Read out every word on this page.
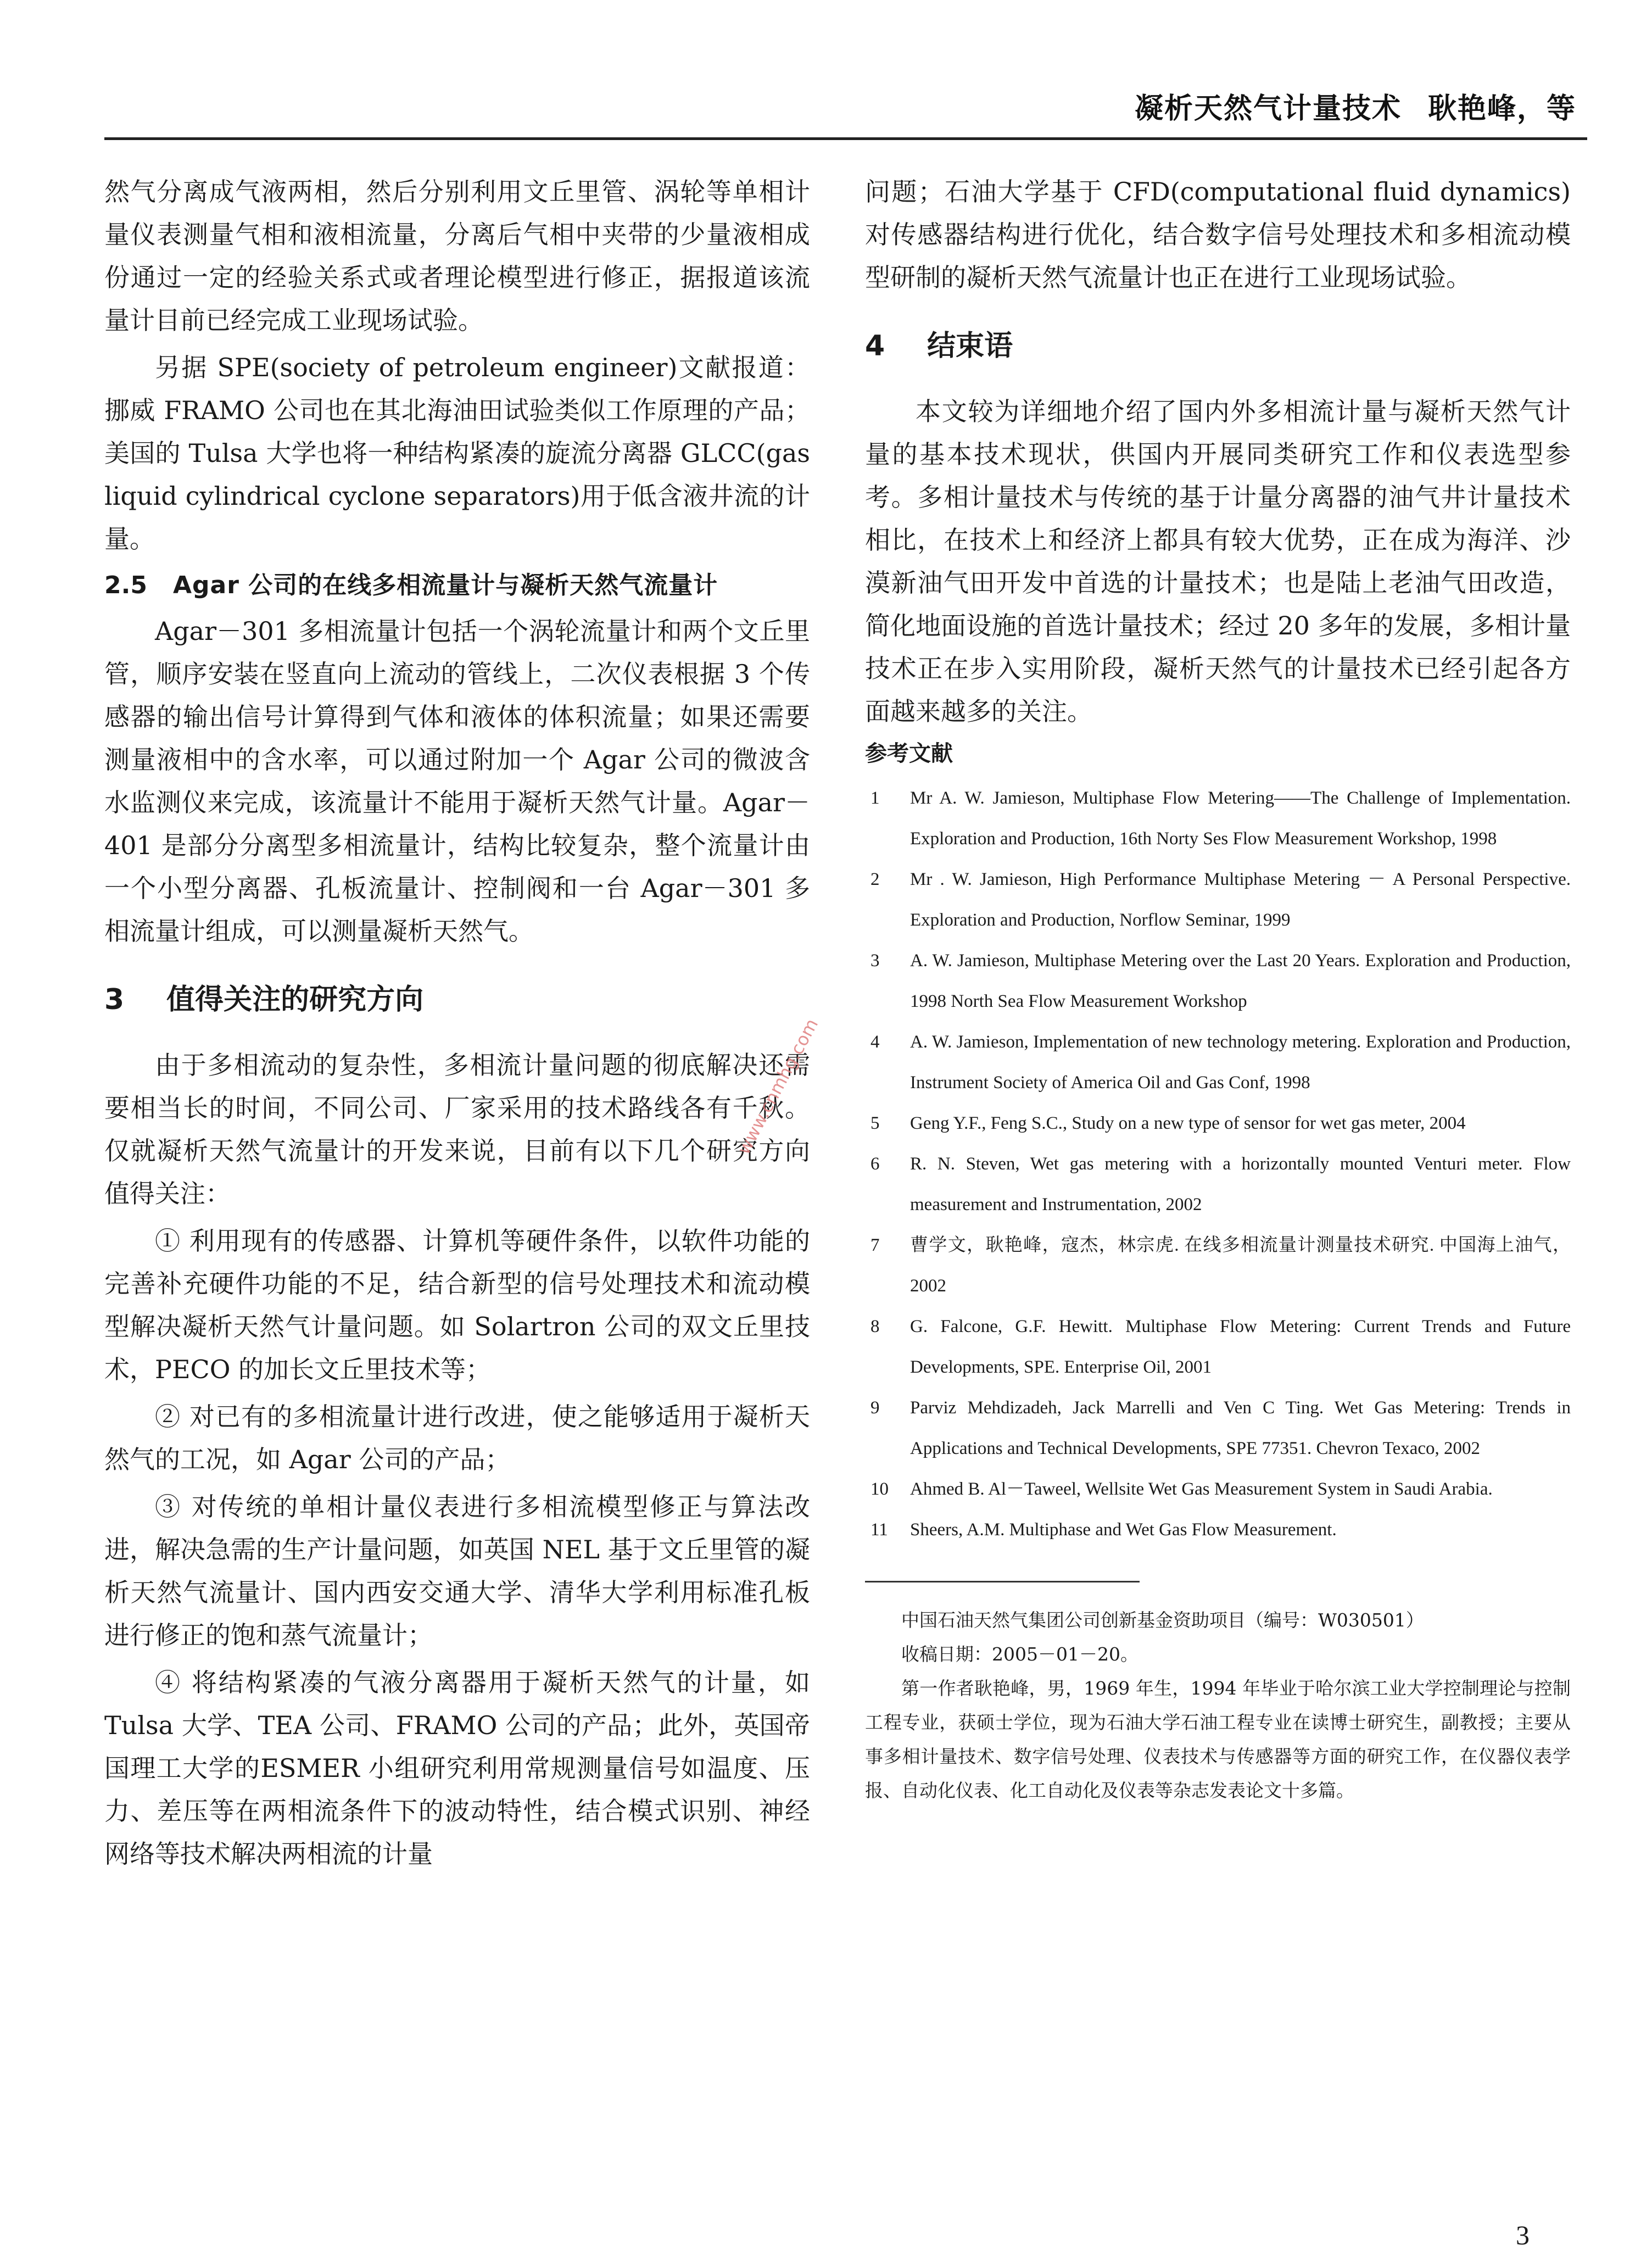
凝析天然气计量技术 耿艳峰，等

然气分离成气液两相，然后分别利用文丘里管、涡轮等单相计量仪表测量气相和液相流量，分离后气相中夹带的少量液相成份通过一定的经验关系式或者理论模型进行修正，据报道该流量计目前已经完成工业现场试验。

另据 SPE(society of petroleum engineer)文献报道：挪威 FRAMO 公司也在其北海油田试验类似工作原理的产品；美国的 Tulsa 大学也将一种结构紧凑的旋流分离器 GLCC(gas liquid cylindrical cyclone separators)用于低含液井流的计量。

2.5	Agar 公司的在线多相流量计与凝析天然气流量计

Agar－301 多相流量计包括一个涡轮流量计和两个文丘里管，顺序安装在竖直向上流动的管线上，二次仪表根据 3 个传感器的输出信号计算得到气体和液体的体积流量；如果还需要测量液相中的含水率，可以通过附加一个 Agar 公司的微波含水监测仪来完成，该流量计不能用于凝析天然气计量。Agar－401 是部分分离型多相流量计，结构比较复杂，整个流量计由一个小型分离器、孔板流量计、控制阀和一台 Agar－301 多相流量计组成，可以测量凝析天然气。

3 值得关注的研究方向

由于多相流动的复杂性，多相流计量问题的彻底解决还需要相当长的时间，不同公司、厂家采用的技术路线各有千秋。仅就凝析天然气流量计的开发来说，目前有以下几个研究方向值得关注：

① 利用现有的传感器、计算机等硬件条件，以软件功能的完善补充硬件功能的不足，结合新型的信号处理技术和流动模型解决凝析天然气计量问题。如 Solartron 公司的双文丘里技术，PECO 的加长文丘里技术等；

② 对已有的多相流量计进行改进，使之能够适用于凝析天然气的工况，如 Agar 公司的产品；

③ 对传统的单相计量仪表进行多相流模型修正与算法改进，解决急需的生产计量问题，如英国 NEL 基于文丘里管的凝析天然气流量计、国内西安交通大学、清华大学利用标准孔板进行修正的饱和蒸气流量计；

④ 将结构紧凑的气液分离器用于凝析天然气的计量，如 Tulsa 大学、TEA 公司、FRAMO 公司的产品；此外，英国帝国理工大学的ESMER 小组研究利用常规测量信号如温度、压力、差压等在两相流条件下的波动特性，结合模式识别、神经网络等技术解决两相流的计量

问题；石油大学基于 CFD(computational fluid dynamics)对传感器结构进行优化，结合数字信号处理技术和多相流动模型研制的凝析天然气流量计也正在进行工业现场试验。

4 结束语

本文较为详细地介绍了国内外多相流计量与凝析天然气计量的基本技术现状，供国内开展同类研究工作和仪表选型参考。多相计量技术与传统的基于计量分离器的油气井计量技术相比，在技术上和经济上都具有较大优势，正在成为海洋、沙漠新油气田开发中首选的计量技术；也是陆上老油气田改造，简化地面设施的首选计量技术；经过 20 多年的发展，多相计量技术正在步入实用阶段，凝析天然气的计量技术已经引起各方面越来越多的关注。

参考文献
1	Mr A. W. Jamieson, Multiphase Flow Metering——The Challenge of Implementation. Exploration and Production, 16th Norty Ses Flow Measurement Workshop, 1998
2	Mr . W. Jamieson, High Performance Multiphase Metering － A Personal Perspective. Exploration and Production, Norflow Seminar, 1999
3	A. W. Jamieson, Multiphase Metering over the Last 20 Years. Exploration and Production, 1998 North Sea Flow Measurement Workshop
4	A. W. Jamieson, Implementation of new technology metering. Exploration and Production, Instrument Society of America Oil and Gas Conf, 1998
5	Geng Y.F., Feng S.C., Study on a new type of sensor for wet gas meter, 2004
6	R. N. Steven, Wet gas metering with a horizontally mounted Venturi meter. Flow measurement and Instrumentation, 2002
7	曹学文，耿艳峰，寇杰，林宗虎. 在线多相流量计测量技术研究. 中国海上油气，2002
8	G. Falcone, G.F. Hewitt. Multiphase Flow Metering: Current Trends and Future Developments, SPE. Enterprise Oil, 2001
9	Parviz Mehdizadeh, Jack Marrelli and Ven C Ting. Wet Gas Metering: Trends in Applications and Technical Developments, SPE 77351. Chevron Texaco, 2002
10	Ahmed B. Al－Taweel, Wellsite Wet Gas Measurement System in Saudi Arabia.
11	Sheers, A.M. Multiphase and Wet Gas Flow Measurement.

中国石油天然气集团公司创新基金资助项目（编号：W030501）

收稿日期：2005－01－20。

第一作者耿艳峰，男，1969 年生，1994 年毕业于哈尔滨工业大学控制理论与控制工程专业，获硕士学位，现为石油大学石油工程专业在读博士研究生，副教授；主要从事多相计量技术、数字信号处理、仪表技术与传感器等方面的研究工作，在仪器仪表学报、自动化仪表、化工自动化及仪表等杂志发表论文十多篇。

www.cnmhg.com
3
